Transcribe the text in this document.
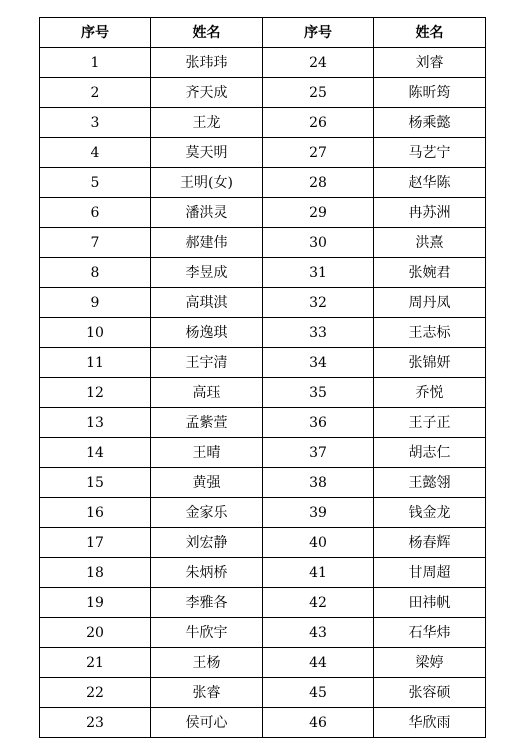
序号	姓名	序号	姓名
1	张玮玮	24	刘睿
2	齐天成	25	陈昕筠
3	王龙	26	杨乘懿
4	莫天明	27	马艺宁
5	王明(女)	28	赵华陈
6	潘洪灵	29	冉苏洲
7	郝建伟	30	洪熹
8	李昱成	31	张婉君
9	高琪淇	32	周丹凤
10	杨逸琪	33	王志标
11	王宇清	34	张锦妍
12	高珏	35	乔悦
13	孟紫萱	36	王子正
14	王晴	37	胡志仁
15	黄强	38	王懿翎
16	金家乐	39	钱金龙
17	刘宏静	40	杨春辉
18	朱炳桥	41	甘周超
19	李雅各	42	田祎帆
20	牛欣宇	43	石华炜
21	王杨	44	梁婷
22	张睿	45	张容硕
23	侯可心	46	华欣雨
